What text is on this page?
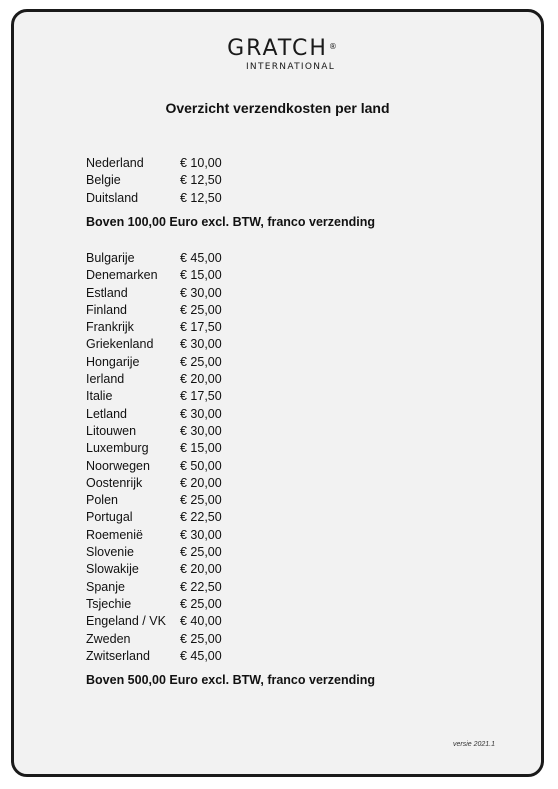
GRATCH ®
INTERNATIONAL
Overzicht verzendkosten per land
Nederland	€ 10,00
Belgie	€ 12,50
Duitsland	€ 12,50
Boven 100,00 Euro excl. BTW, franco verzending
Bulgarije	€ 45,00
Denemarken	€ 15,00
Estland	€ 30,00
Finland	€ 25,00
Frankrijk	€ 17,50
Griekenland	€ 30,00
Hongarije	€ 25,00
Ierland	€ 20,00
Italie	€ 17,50
Letland	€ 30,00
Litouwen	€ 30,00
Luxemburg	€ 15,00
Noorwegen	€ 50,00
Oostenrijk	€ 20,00
Polen	€ 25,00
Portugal	€ 22,50
Roemenië	€ 30,00
Slovenie	€ 25,00
Slowakije	€ 20,00
Spanje	€ 22,50
Tsjechie	€ 25,00
Engeland / VK	€ 40,00
Zweden	€ 25,00
Zwitserland	€ 45,00
Boven 500,00 Euro excl. BTW, franco verzending
versie 2021.1
